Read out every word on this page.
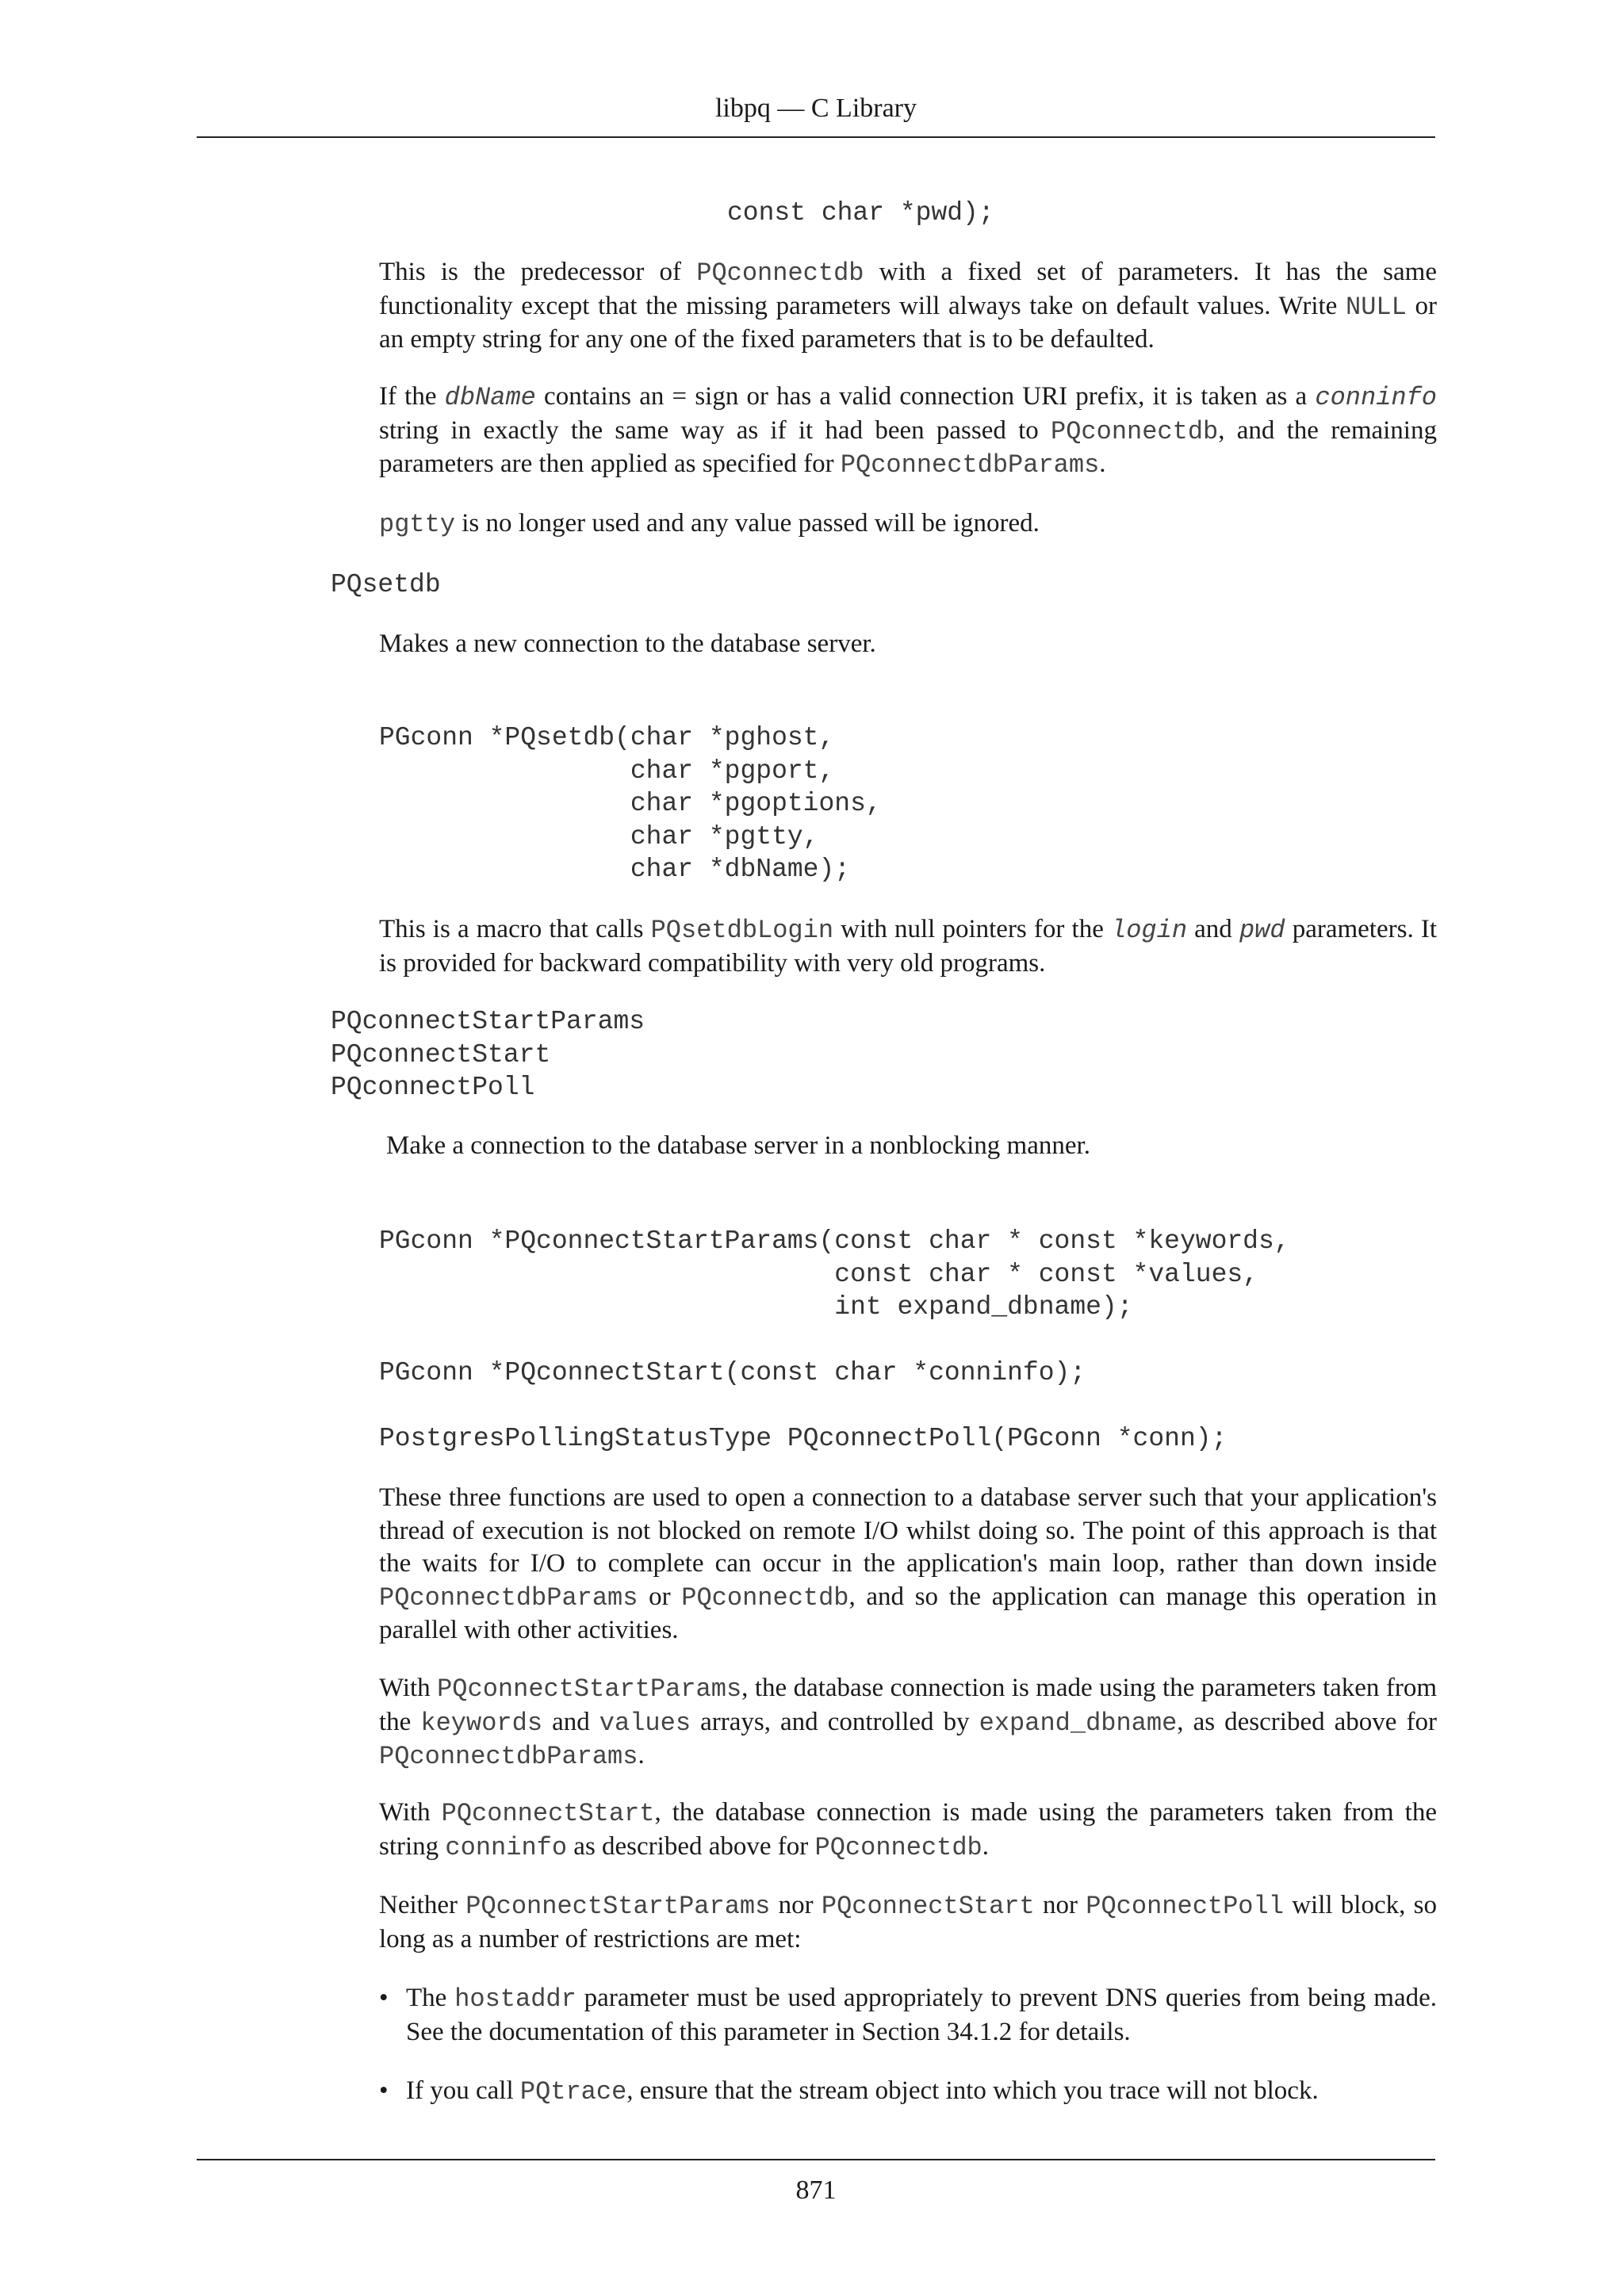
libpq — C Library
const char *pwd);
This is the predecessor of PQconnectdb with a fixed set of parameters. It has the same functionality except that the missing parameters will always take on default values. Write NULL or an empty string for any one of the fixed parameters that is to be defaulted.
If the dbName contains an = sign or has a valid connection URI prefix, it is taken as a conninfo string in exactly the same way as if it had been passed to PQconnectdb, and the remaining parameters are then applied as specified for PQconnectdbParams.
pgtty is no longer used and any value passed will be ignored.
PQsetdb
Makes a new connection to the database server.
PGconn *PQsetdb(char *pghost,
char *pgport,
char *pgoptions,
char *pgtty,
char *dbName);
This is a macro that calls PQsetdbLogin with null pointers for the login and pwd parameters. It is provided for backward compatibility with very old programs.
PQconnectStartParams
PQconnectStart
PQconnectPoll
Make a connection to the database server in a nonblocking manner.
PGconn *PQconnectStartParams(const char * const *keywords,
const char * const *values,
int expand_dbname);
PGconn *PQconnectStart(const char *conninfo);
PostgresPollingStatusType PQconnectPoll(PGconn *conn);
These three functions are used to open a connection to a database server such that your application's thread of execution is not blocked on remote I/O whilst doing so. The point of this approach is that the waits for I/O to complete can occur in the application's main loop, rather than down inside PQconnectdbParams or PQconnectdb, and so the application can manage this operation in parallel with other activities.
With PQconnectStartParams, the database connection is made using the parameters taken from the keywords and values arrays, and controlled by expand_dbname, as described above for PQconnectdbParams.
With PQconnectStart, the database connection is made using the parameters taken from the string conninfo as described above for PQconnectdb.
Neither PQconnectStartParams nor PQconnectStart nor PQconnectPoll will block, so long as a number of restrictions are met:
• The hostaddr parameter must be used appropriately to prevent DNS queries from being made. See the documentation of this parameter in Section 34.1.2 for details.
• If you call PQtrace, ensure that the stream object into which you trace will not block.
871
